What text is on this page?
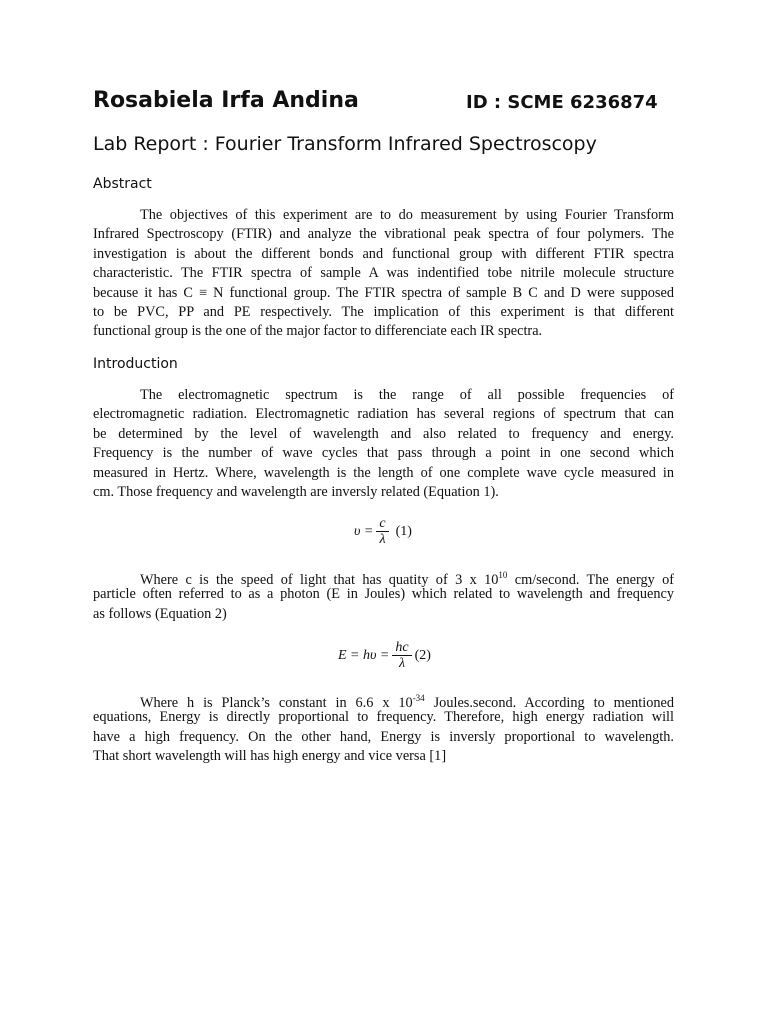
Rosabiela Irfa Andina	ID : SCME 6236874
Lab Report : Fourier Transform Infrared Spectroscopy
Abstract
The objectives of this experiment are to do measurement by using Fourier Transform
Infrared Spectroscopy (FTIR) and analyze the vibrational peak spectra of four polymers. The
investigation is about the different bonds and functional group with different FTIR spectra
characteristic. The FTIR spectra of sample A was indentified tobe nitrile molecule structure
because it has C ≡ N functional group. The FTIR spectra of sample B C and D were supposed
to be PVC, PP and PE respectively. The implication of this experiment is that different
functional group is the one of the major factor to differenciate each IR spectra.
Introduction
The electromagnetic spectrum is the range of all possible frequencies of
electromagnetic radiation. Electromagnetic radiation has several regions of spectrum that can
be determined by the level of wavelength and also related to frequency and energy.
Frequency is the number of wave cycles that pass through a point in one second which
measured in Hertz. Where, wavelength is the length of one complete wave cycle measured in
cm. Those frequency and wavelength are inversly related (Equation 1).
$\upsilon = \frac{c}{\lambda} (1)$
Where c is the speed of light that has quatity of 3 x $10^{10}$ cm/second. The energy of
particle often referred to as a photon (E in Joules) which related to wavelength and frequency
as follows (Equation 2)
$E = h\upsilon = \frac{hc}{\lambda} (2)$
Where h is Planck’s constant in 6.6 x $10^{-34}$ Joules.second. According to mentioned
equations, Energy is directly proportional to frequency. Therefore, high energy radiation will
have a high frequency. On the other hand, Energy is inversly proportional to wavelength.
That short wavelength will has high energy and vice versa [1]
